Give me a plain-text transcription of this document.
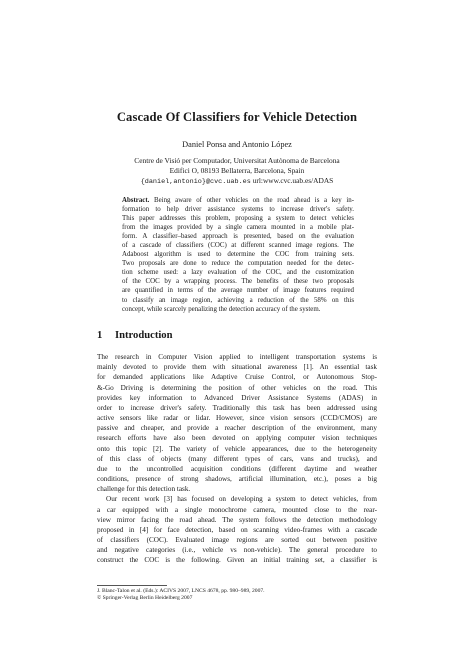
Cascade Of Classifiers for Vehicle Detection
Daniel Ponsa and Antonio López
Centre de Visió per Computador, Universitat Autònoma de Barcelona
Edifici O, 08193 Bellaterra, Barcelona, Spain
{daniel,antonio}@cvc.uab.es url:www.cvc.uab.es/ADAS
Abstract. Being aware of other vehicles on the road ahead is a key in-
formation to help driver assistance systems to increase driver's safety.
This paper addresses this problem, proposing a system to detect vehicles
from the images provided by a single camera mounted in a mobile plat-
form. A classifier–based approach is presented, based on the evaluation
of a cascade of classifiers (COC) at different scanned image regions. The
Adaboost algorithm is used to determine the COC from training sets.
Two proposals are done to reduce the computation needed for the detec-
tion scheme used: a lazy evaluation of the COC, and the customization
of the COC by a wrapping process. The benefits of these two proposals
are quantified in terms of the average number of image features required
to classify an image region, achieving a reduction of the 58% on this
concept, while scarcely penalizing the detection accuracy of the system.
1 Introduction
The research in Computer Vision applied to intelligent transportation systems is
mainly devoted to provide them with situational awareness [1]. An essential task
for demanded applications like Adaptive Cruise Control, or Autonomous Stop-
&-Go Driving is determining the position of other vehicles on the road. This
provides key information to Advanced Driver Assistance Systems (ADAS) in
order to increase driver's safety. Traditionally this task has been addressed using
active sensors like radar or lidar. However, since vision sensors (CCD/CMOS) are
passive and cheaper, and provide a reacher description of the environment, many
research efforts have also been devoted on applying computer vision techniques
onto this topic [2]. The variety of vehicle appearances, due to the heterogeneity
of this class of objects (many different types of cars, vans and trucks), and
due to the uncontrolled acquisition conditions (different daytime and weather
conditions, presence of strong shadows, artificial illumination, etc.), poses a big
challenge for this detection task.
Our recent work [3] has focused on developing a system to detect vehicles, from
a car equipped with a single monochrome camera, mounted close to the rear-
view mirror facing the road ahead. The system follows the detection methodology
proposed in [4] for face detection, based on scanning video-frames with a cascade
of classifiers (COC). Evaluated image regions are sorted out between positive
and negative categories (i.e., vehicle vs non-vehicle). The general procedure to
construct the COC is the following. Given an initial training set, a classifier is
J. Blanc-Talon et al. (Eds.): ACIVS 2007, LNCS 4678, pp. 980–989, 2007.
© Springer-Verlag Berlin Heidelberg 2007
